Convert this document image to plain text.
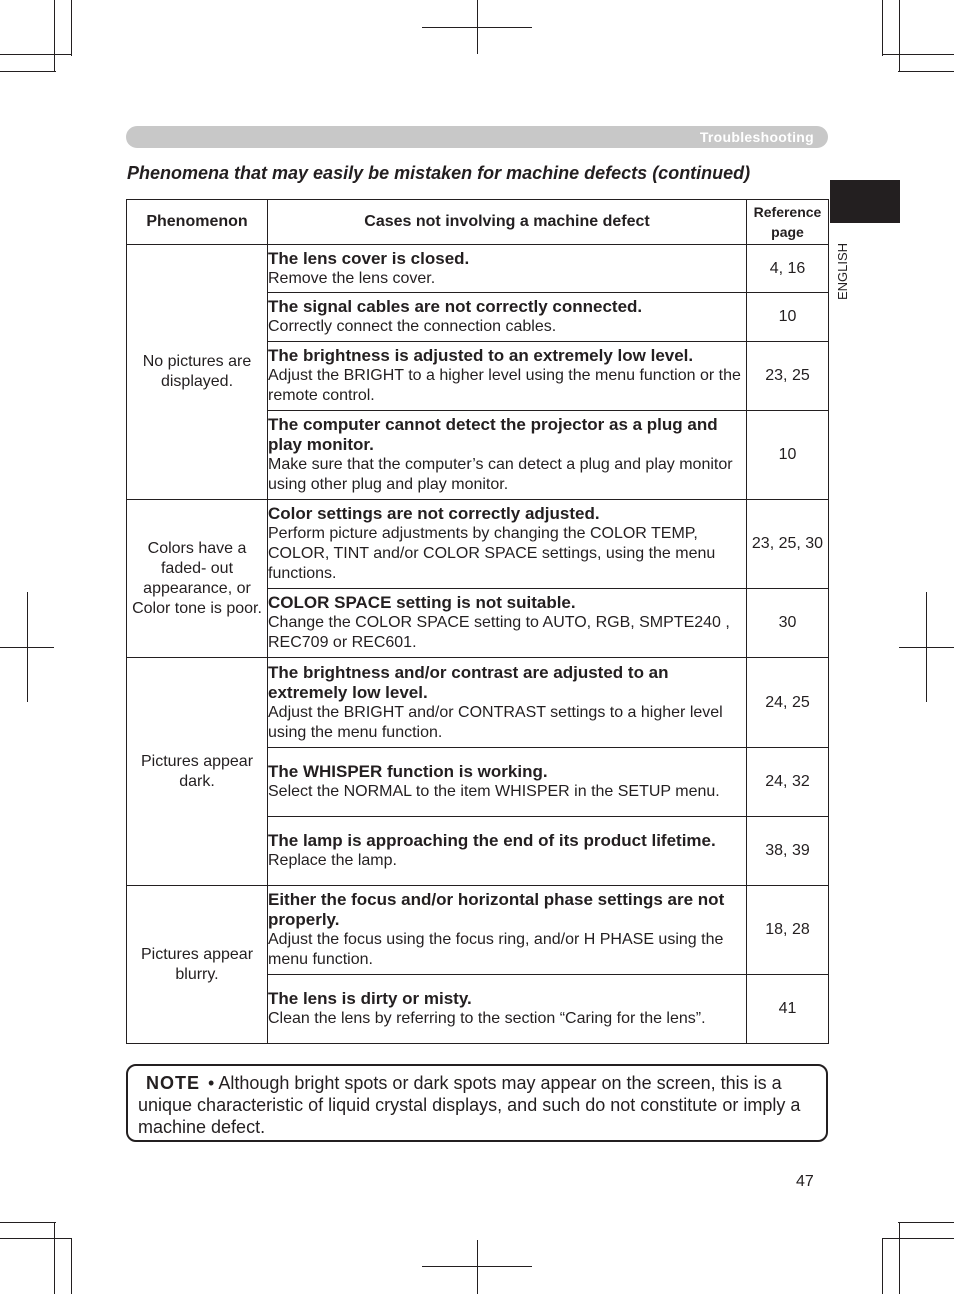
Troubleshooting
Phenomena that may easily be mistaken for machine defects (continued)
ENGLISH
Phenomenon	Cases not involving a machine defect	Reference page
No pictures are displayed.	The lens cover is closed.
Remove the lens cover.	4, 16

	The signal cables are not correctly connected.
Correctly connect the connection cables.	10

	The brightness is adjusted to an extremely low level.
Adjust the BRIGHT to a higher level using the menu function or the remote control.	23, 25

	The computer cannot detect the projector as a plug and play monitor.
Make sure that the computer’s can detect a plug and play monitor using other plug and play monitor.	10
Colors have a faded- out appearance, or Color tone is poor.	Color settings are not correctly adjusted.
Perform picture adjustments by changing the COLOR TEMP, COLOR, TINT and/or COLOR SPACE settings, using the menu functions.	23, 25, 30

	COLOR SPACE setting is not suitable.
Change the COLOR SPACE setting to AUTO, RGB, SMPTE240 , REC709 or REC601.	30
Pictures appear dark.	The brightness and/or contrast are adjusted to an extremely low level.
Adjust the BRIGHT and/or CONTRAST settings to a higher level using the menu function.	24, 25

	The WHISPER function is working.
Select the NORMAL to the item WHISPER in the SETUP menu.	24, 32

	The lamp is approaching the end of its product lifetime.
Replace the lamp.	38, 39
Pictures appear blurry.	Either the focus and/or horizontal phase settings are not properly.
Adjust the focus using the focus ring, and/or H PHASE using the menu function.	18, 28

	The lens is dirty or misty.
Clean the lens by referring to the section “Caring for the lens”.	41
NOTE • Although bright spots or dark spots may appear on the screen, this is a unique characteristic of liquid crystal displays, and such do not constitute or imply a machine defect.
47
